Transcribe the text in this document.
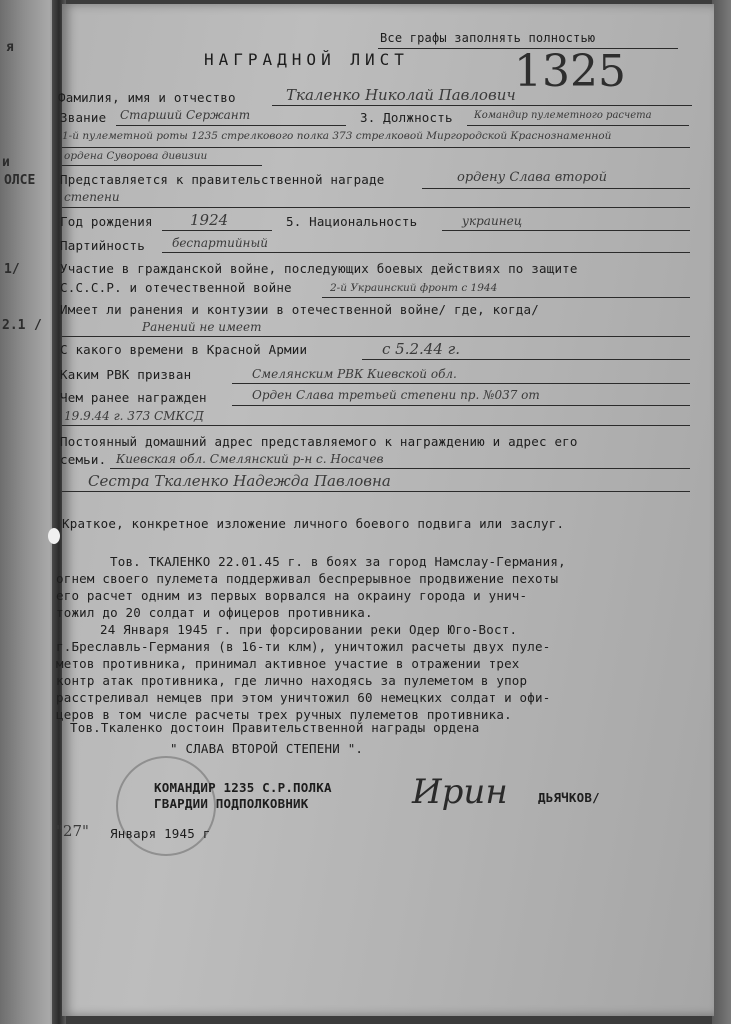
я
и
ОЛСЕ
1/
2.1 /
Все графы заполнять полностью
НАГРАДНОЙ ЛИСТ 1325
Фамилия, имя и отчество	Ткаленко Николай Павлович
Звание Старший Сержант	3. Должность Командир пулеметного расчета
1-й пулеметной роты 1235 стрелкового полка 373 стрелковой Миргородской Краснознаменной
ордена Суворова дивизии
Представляется к правительственной награде	ордену Слава второй
степени
Год рождения 1924	5. Национальность	украинец
Партийность беспартийный
Участие в гражданской войне, последующих боевых действиях по защите
С.С.С.Р. и отечественной войне	2-й Украинский фронт с 1944
Имеет ли ранения и контузии в отечественной войне/ где, когда/
Ранений не имеет
С какого времени в Красной Армии	с 5.2.44 г.
Каким РВК призван	Смелянским РВК Киевской обл.
Чем ранее награжден	Орден Слава третьей степени пр. №037 от
19.9.44 г. 373 СМКСД
Постоянный домашний адрес представляемого к награждению и адрес его
семьи. Киевская обл. Смелянский р-н с. Носачев
Сестра Ткаленко Надежда Павловна
Краткое, конкретное изложение личного боевого подвига или заслуг.
Тов. ТКАЛЕНКО 22.01.45 г. в боях за город Намслау-Германия,
огнем своего пулемета поддерживал беспрерывное продвижение пехоты
его расчет одним из первых ворвался на окраину города и унич-
тожил до 20 солдат и офицеров противника.
24 Января 1945 г. при форсировании реки Одер Юго-Вост.
г.Бреславль-Германия (в 16-ти клм), уничтожил расчеты двух пуле-
метов противника, принимал активное участие в отражении трех
контр атак противника, где лично находясь за пулеметом в упор
расстреливал немцев при этом уничтожил 60 немецких солдат и офи-
церов в том числе расчеты трех ручных пулеметов противника.
Тов.Ткаленко достоин Правительственной награды ордена
" СЛАВА ВТОРОЙ СТЕПЕНИ ".
КОМАНДИР 1235 С.Р.ПОЛКА
ГВАРДИИ ПОДПОЛКОВНИК	Ирин ДЬЯЧКОВ/
"27" Января 1945 г
